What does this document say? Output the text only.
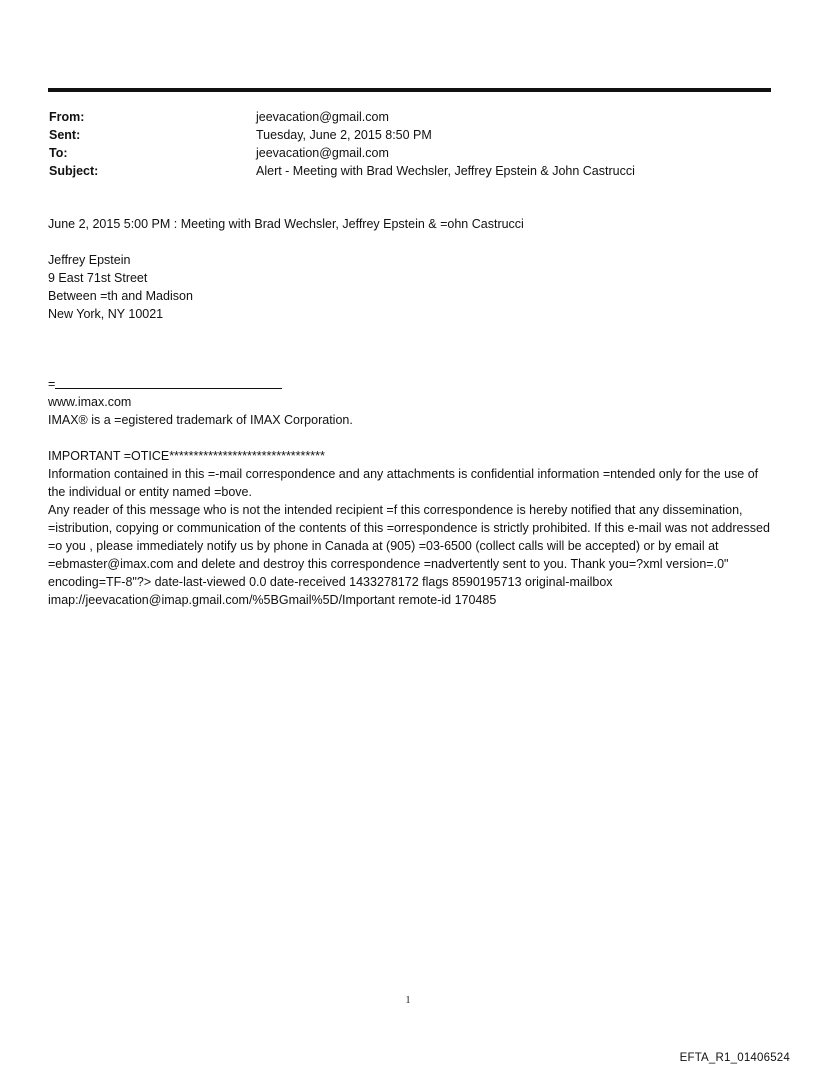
From:	jeevacation@gmail.com
Sent:	Tuesday, June 2, 2015 8:50 PM
To:	jeevacation@gmail.com
Subject:	Alert - Meeting with Brad Wechsler, Jeffrey Epstein & John Castrucci
June 2, 2015 5:00 PM : Meeting with Brad Wechsler, Jeffrey Epstein & =ohn Castrucci
Jeffrey Epstein
9 East 71st Street
Between =th and Madison
New York, NY 10021
=
www.imax.com
IMAX® is a =egistered trademark of IMAX Corporation.

IMPORTANT =OTICE********************************

Information contained in this =-mail correspondence and any attachments is confidential information =ntended only for the use of the individual or entity named =bove.

Any reader of this message who is not the intended recipient =f this correspondence is hereby notified that any dissemination, =istribution, copying or communication of the contents of this =orrespondence is strictly prohibited. If this e-mail was not addressed =o you , please immediately notify us by phone in Canada at (905) =03-6500 (collect calls will be accepted) or by email at =ebmaster@imax.com and delete and destroy this correspondence =nadvertently sent to you. Thank you=?xml version=.0" encoding=TF-8"?> date-last-viewed 0.0 date-received 1433278172 flags 8590195713 original-mailbox imap://jeevacation@imap.gmail.com/%5BGmail%5D/Important remote-id 170485

1
EFTA_R1_01406524
